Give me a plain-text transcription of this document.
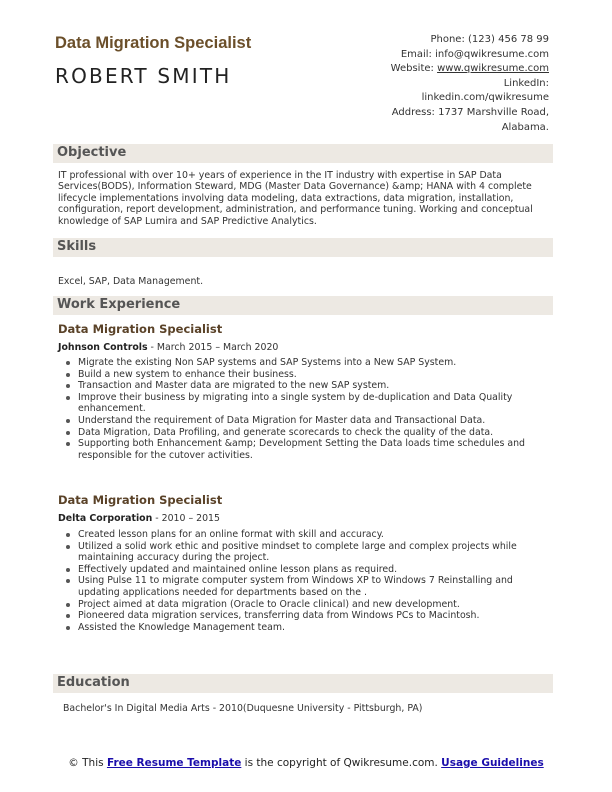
Data Migration Specialist
ROBERT SMITH
Phone: (123) 456 78 99
Email: info@qwikresume.com
Website: www.qwikresume.com
LinkedIn:
linkedin.com/qwikresume
Address: 1737 Marshville Road,
Alabama.
Objective
IT professional with over 10+ years of experience in the IT industry with expertise in SAP Data Services(BODS), Information Steward, MDG (Master Data Governance) &amp; HANA with 4 complete lifecycle implementations involving data modeling, data extractions, data migration, installation, configuration, report development, administration, and performance tuning. Working and conceptual knowledge of SAP Lumira and SAP Predictive Analytics.
Skills
Excel, SAP, Data Management.
Work Experience
Data Migration Specialist
Johnson Controls - March 2015 – March 2020
Migrate the existing Non SAP systems and SAP Systems into a New SAP System.
Build a new system to enhance their business.
Transaction and Master data are migrated to the new SAP system.
Improve their business by migrating into a single system by de-duplication and Data Quality enhancement.
Understand the requirement of Data Migration for Master data and Transactional Data.
Data Migration, Data Profiling, and generate scorecards to check the quality of the data.
Supporting both Enhancement &amp; Development Setting the Data loads time schedules and responsible for the cutover activities.
Data Migration Specialist
Delta Corporation - 2010 – 2015
Created lesson plans for an online format with skill and accuracy.
Utilized a solid work ethic and positive mindset to complete large and complex projects while maintaining accuracy during the project.
Effectively updated and maintained online lesson plans as required.
Using Pulse 11 to migrate computer system from Windows XP to Windows 7 Reinstalling and updating applications needed for departments based on the .
Project aimed at data migration (Oracle to Oracle clinical) and new development.
Pioneered data migration services, transferring data from Windows PCs to Macintosh.
Assisted the Knowledge Management team.
Education
Bachelor's In Digital Media Arts - 2010(Duquesne University - Pittsburgh, PA)
© This Free Resume Template is the copyright of Qwikresume.com. Usage Guidelines
